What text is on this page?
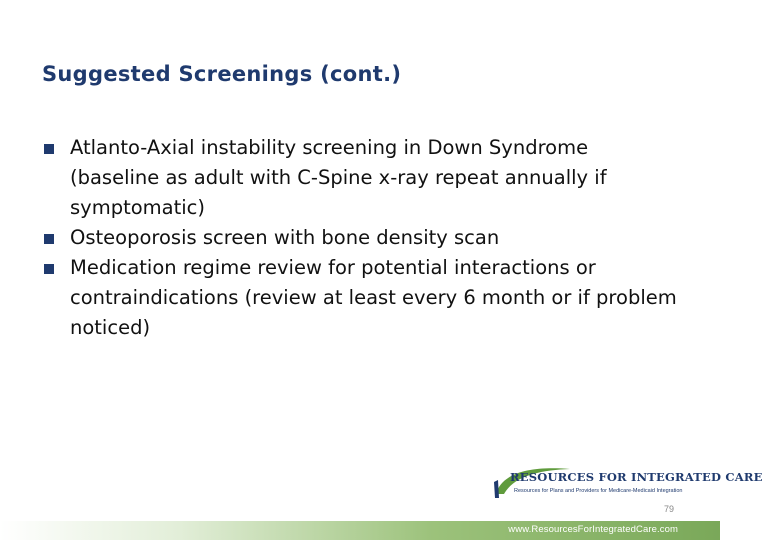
Suggested Screenings (cont.)
Atlanto-Axial instability screening in Down Syndrome (baseline as adult with C-Spine x-ray repeat annually if symptomatic)
Osteoporosis screen with bone density scan
Medication regime review for potential interactions or contraindications (review at least every 6 month or if problem noticed)
RESOURCES FOR INTEGRATED CARE
Resources for Plans and Providers for Medicare-Medicaid Integration
79
www.ResourcesForIntegratedCare.com
